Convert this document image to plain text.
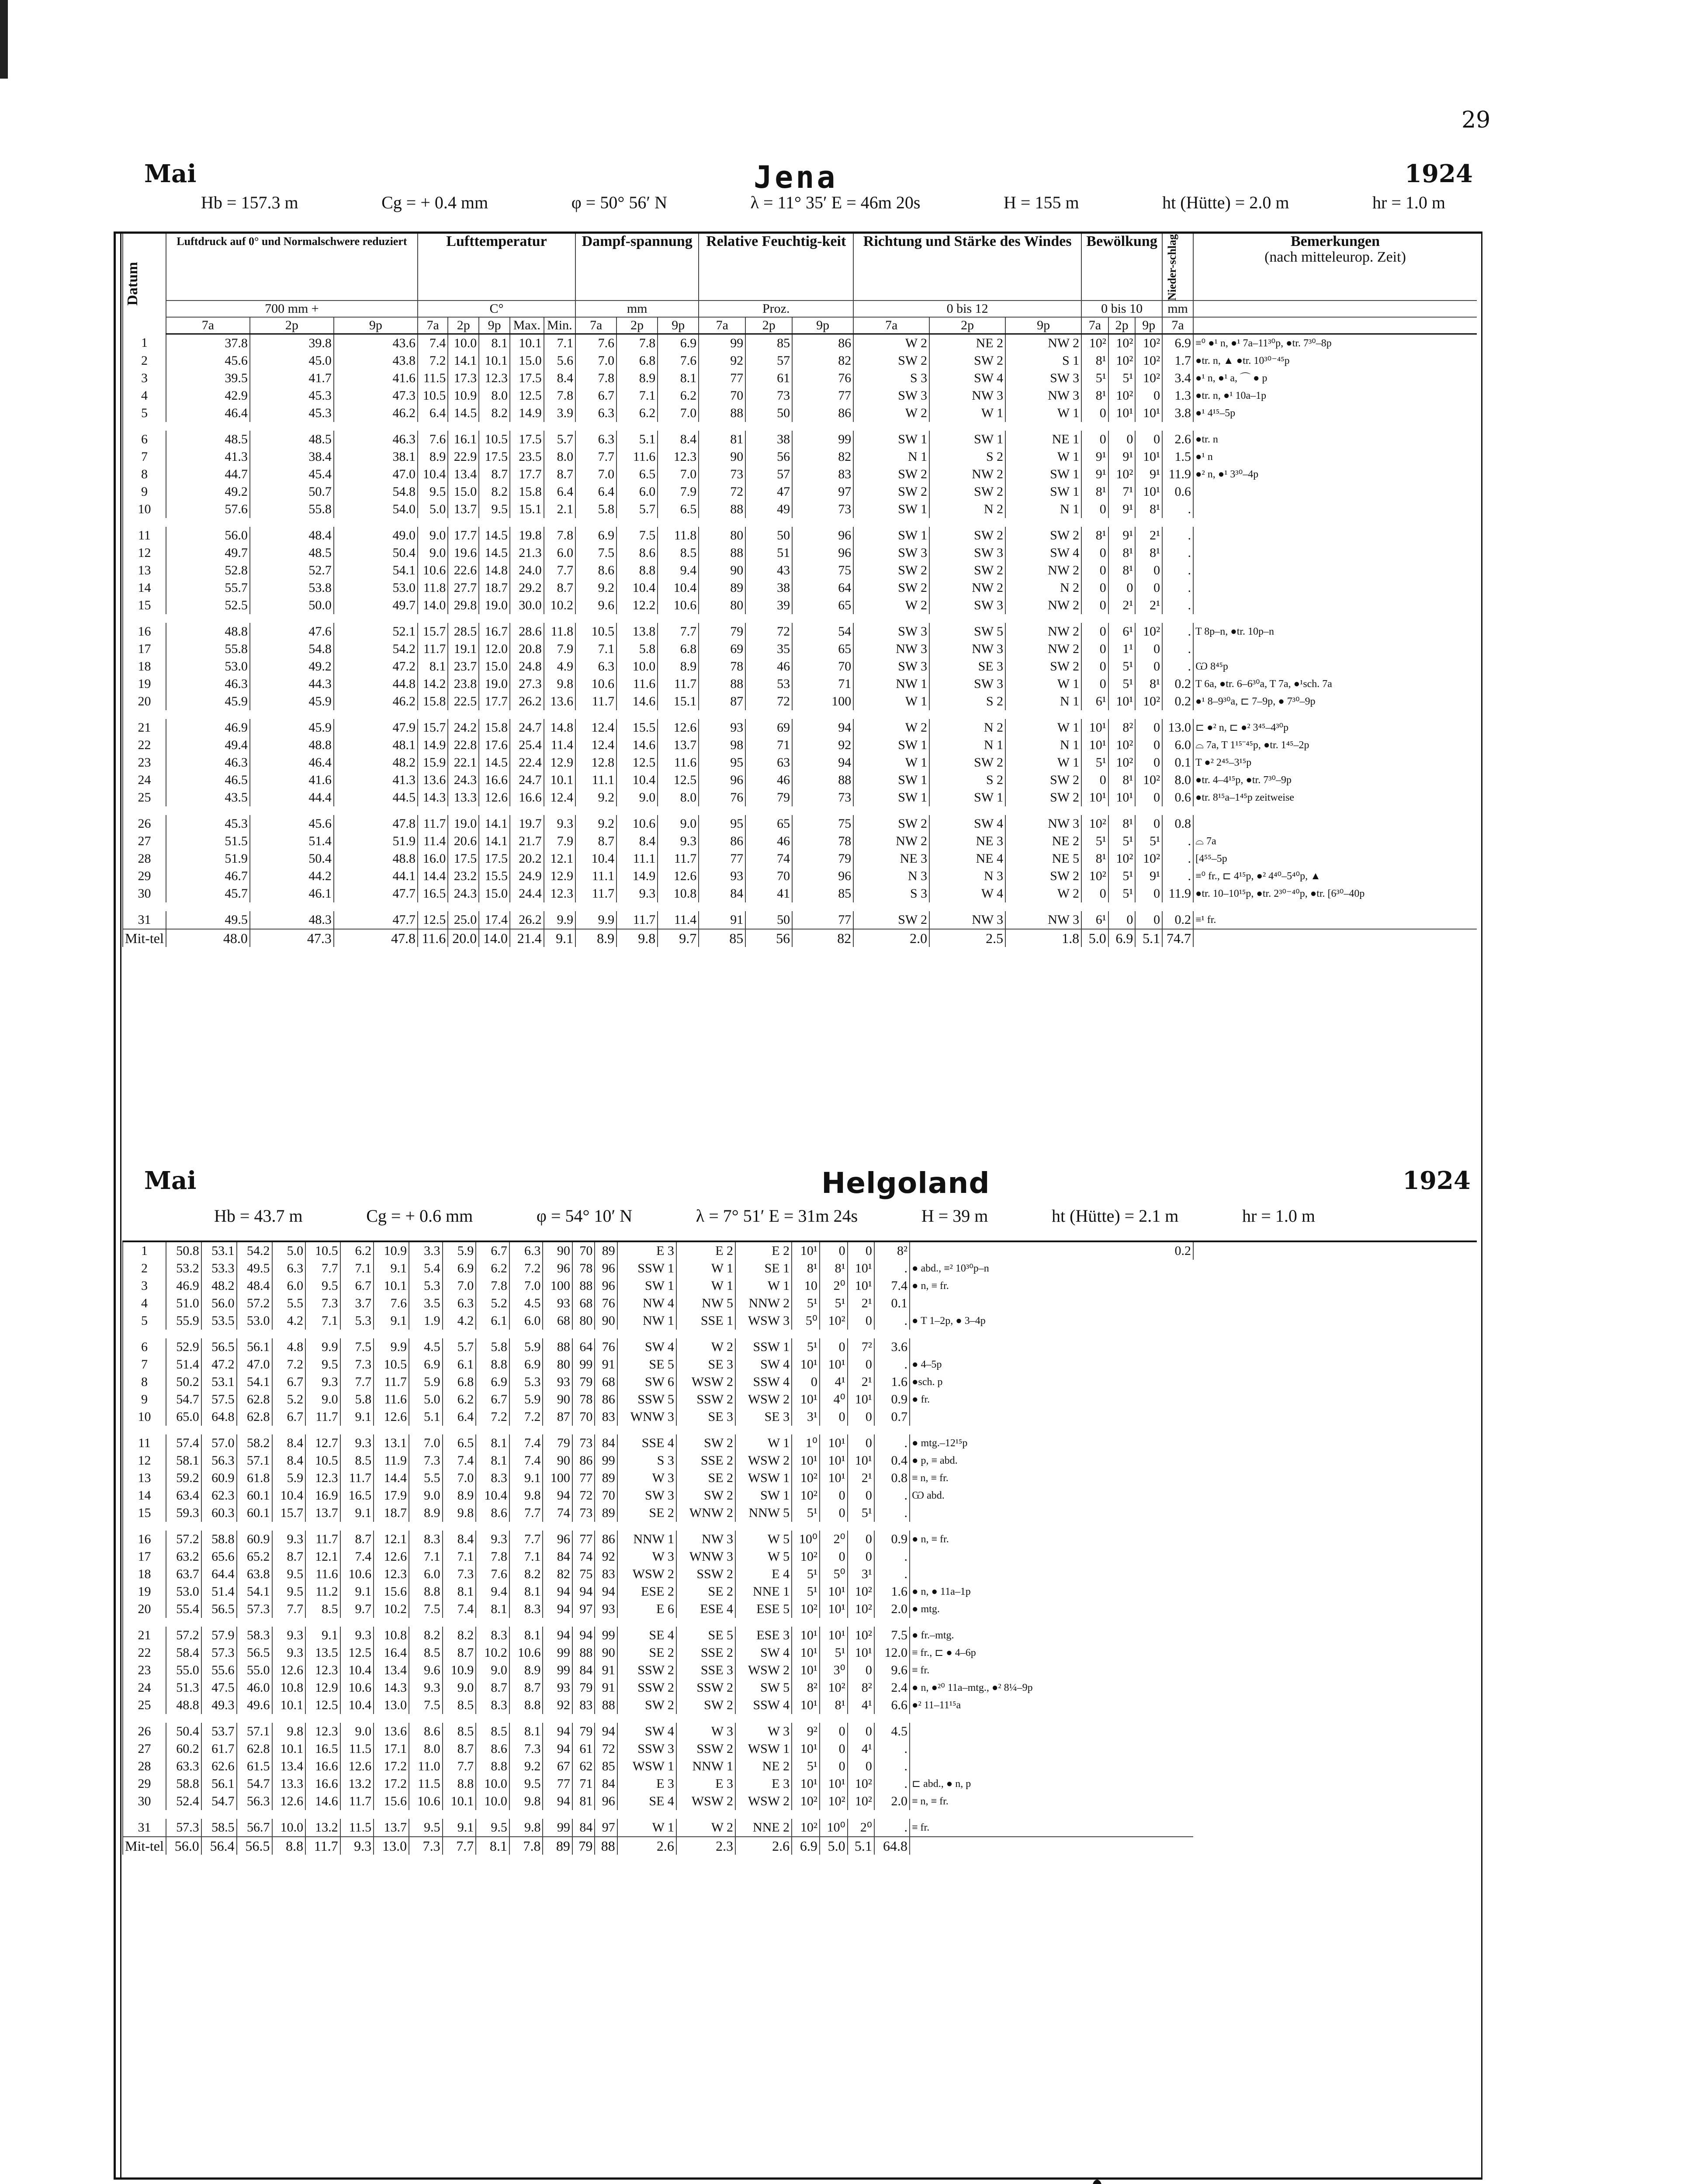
29
Mai	Jena	1924
Hb = 157.3 m	Cg = + 0.4 mm	φ = 50° 56′ N	λ = 11° 35′ E = 46m 20s	H = 155 m	ht (Hütte) = 2.0 m	hr = 1.0 m
Datum	Luftdruck auf 0° und Normalschwere reduziert			Lufttemperatur					Dampf-spannung			Relative Feuchtig-keit			Richtung und Stärke des Windes			Bewölkung			Nieder-schlag	Bemerkungen
(nach mitteleurop. Zeit)

	700 mm +			C°					mm			Proz.			0 bis 12			0 bis 10			mm	
	7a	2p	9p	7a	2p	9p	Max.	Min.	7a	2p	9p	7a	2p	9p	7a	2p	9p	7a	2p	9p	7a	
1	37.8	39.8	43.6	7.4	10.0	8.1	10.1	7.1	7.6	7.8	6.9	99	85	86	W 2	NE 2	NW 2	10²	10²	10²	6.9	≡⁰ ●¹ n, ●¹ 7a–11³⁰p, ●tr. 7³⁰–8p
2	45.6	45.0	43.8	7.2	14.1	10.1	15.0	5.6	7.0	6.8	7.6	92	57	82	SW 2	SW 2	S 1	8¹	10²	10²	1.7	●tr. n, ▲ ●tr. 10³⁰⁻⁴⁵p
3	39.5	41.7	41.6	11.5	17.3	12.3	17.5	8.4	7.8	8.9	8.1	77	61	76	S 3	SW 4	SW 3	5¹	5¹	10²	3.4	●¹ n, ●¹ a, ⌒ ● p
4	42.9	45.3	47.3	10.5	10.9	8.0	12.5	7.8	6.7	7.1	6.2	70	73	77	SW 3	NW 3	NW 3	8¹	10²	0	1.3	●tr. n, ●¹ 10a–1p
5	46.4	45.3	46.2	6.4	14.5	8.2	14.9	3.9	6.3	6.2	7.0	88	50	86	W 2	W 1	W 1	0	10¹	10¹	3.8	●¹ 4¹⁵–5p

6	48.5	48.5	46.3	7.6	16.1	10.5	17.5	5.7	6.3	5.1	8.4	81	38	99	SW 1	SW 1	NE 1	0	0	0	2.6	●tr. n
7	41.3	38.4	38.1	8.9	22.9	17.5	23.5	8.0	7.7	11.6	12.3	90	56	82	N 1	S 2	W 1	9¹	9¹	10¹	1.5	●¹ n
8	44.7	45.4	47.0	10.4	13.4	8.7	17.7	8.7	7.0	6.5	7.0	73	57	83	SW 2	NW 2	SW 1	9¹	10²	9¹	11.9	●² n, ●¹ 3³⁰–4p
9	49.2	50.7	54.8	9.5	15.0	8.2	15.8	6.4	6.4	6.0	7.9	72	47	97	SW 2	SW 2	SW 1	8¹	7¹	10¹	0.6	
10	57.6	55.8	54.0	5.0	13.7	9.5	15.1	2.1	5.8	5.7	6.5	88	49	73	SW 1	N 2	N 1	0	9¹	8¹	.	

11	56.0	48.4	49.0	9.0	17.7	14.5	19.8	7.8	6.9	7.5	11.8	80	50	96	SW 1	SW 2	SW 2	8¹	9¹	2¹	.	
12	49.7	48.5	50.4	9.0	19.6	14.5	21.3	6.0	7.5	8.6	8.5	88	51	96	SW 3	SW 3	SW 4	0	8¹	8¹	.	
13	52.8	52.7	54.1	10.6	22.6	14.8	24.0	7.7	8.6	8.8	9.4	90	43	75	SW 2	SW 2	NW 2	0	8¹	0	.	
14	55.7	53.8	53.0	11.8	27.7	18.7	29.2	8.7	9.2	10.4	10.4	89	38	64	SW 2	NW 2	N 2	0	0	0	.	
15	52.5	50.0	49.7	14.0	29.8	19.0	30.0	10.2	9.6	12.2	10.6	80	39	65	W 2	SW 3	NW 2	0	2¹	2¹	.	

16	48.8	47.6	52.1	15.7	28.5	16.7	28.6	11.8	10.5	13.8	7.7	79	72	54	SW 3	SW 5	NW 2	0	6¹	10²	.	T 8p–n, ●tr. 10p–n
17	55.8	54.8	54.2	11.7	19.1	12.0	20.8	7.9	7.1	5.8	6.8	69	35	65	NW 3	NW 3	NW 2	0	1¹	0	.	
18	53.0	49.2	47.2	8.1	23.7	15.0	24.8	4.9	6.3	10.0	8.9	78	46	70	SW 3	SE 3	SW 2	0	5¹	0	.	Ѡ 8⁴⁵p
19	46.3	44.3	44.8	14.2	23.8	19.0	27.3	9.8	10.6	11.6	11.7	88	53	71	NW 1	SW 3	W 1	0	5¹	8¹	0.2	T 6a, ●tr. 6–6³⁰a, T 7a, ●¹sch. 7a
20	45.9	45.9	46.2	15.8	22.5	17.7	26.2	13.6	11.7	14.6	15.1	87	72	100	W 1	S 2	N 1	6¹	10¹	10²	0.2	●¹ 8–9³⁰a, ⊏ 7–9p, ● 7³⁰–9p

21	46.9	45.9	47.9	15.7	24.2	15.8	24.7	14.8	12.4	15.5	12.6	93	69	94	W 2	N 2	W 1	10¹	8²	0	13.0	⊏ ●² n, ⊏ ●² 3⁴⁵–4³⁰p
22	49.4	48.8	48.1	14.9	22.8	17.6	25.4	11.4	12.4	14.6	13.7	98	71	92	SW 1	N 1	N 1	10¹	10²	0	6.0	⌓ 7a, T 1¹⁵⁻⁴⁵p, ●tr. 1⁴⁵–2p
23	46.3	46.4	48.2	15.9	22.1	14.5	22.4	12.9	12.8	12.5	11.6	95	63	94	W 1	SW 2	W 1	5¹	10²	0	0.1	T ●² 2⁴⁵–3¹⁵p
24	46.5	41.6	41.3	13.6	24.3	16.6	24.7	10.1	11.1	10.4	12.5	96	46	88	SW 1	S 2	SW 2	0	8¹	10²	8.0	●tr. 4–4¹⁵p, ●tr. 7³⁰–9p
25	43.5	44.4	44.5	14.3	13.3	12.6	16.6	12.4	9.2	9.0	8.0	76	79	73	SW 1	SW 1	SW 2	10¹	10¹	0	0.6	●tr. 8¹⁵a–1⁴⁵p zeitweise

26	45.3	45.6	47.8	11.7	19.0	14.1	19.7	9.3	9.2	10.6	9.0	95	65	75	SW 2	SW 4	NW 3	10²	8¹	0	0.8	
27	51.5	51.4	51.9	11.4	20.6	14.1	21.7	7.9	8.7	8.4	9.3	86	46	78	NW 2	NE 3	NE 2	5¹	5¹	5¹	.	⌓ 7a
28	51.9	50.4	48.8	16.0	17.5	17.5	20.2	12.1	10.4	11.1	11.7	77	74	79	NE 3	NE 4	NE 5	8¹	10²	10²	.	[4⁵⁵–5p
29	46.7	44.2	44.1	14.4	23.2	15.5	24.9	12.9	11.1	14.9	12.6	93	70	96	N 3	N 3	SW 2	10²	5¹	9¹	.	≡⁰ fr., ⊏ 4¹⁵p, ●² 4⁴⁰–5⁴⁰p, ▲
30	45.7	46.1	47.7	16.5	24.3	15.0	24.4	12.3	11.7	9.3	10.8	84	41	85	S 3	W 4	W 2	0	5¹	0	11.9	●tr. 10–10¹⁵p, ●tr. 2³⁰⁻⁴⁰p, ●tr. [6³⁰–40p

31	49.5	48.3	47.7	12.5	25.0	17.4	26.2	9.9	9.9	11.7	11.4	91	50	77	SW 2	NW 3	NW 3	6¹	0	0	0.2	≡¹ fr.
Mit-tel	48.0	47.3	47.8	11.6	20.0	14.0	21.4	9.1	8.9	9.8	9.7	85	56	82	2.0	2.5	1.8	5.0	6.9	5.1	74.7	
Mai	Helgoland	1924
Hb = 43.7 m	Cg = + 0.6 mm	φ = 54° 10′ N	λ = 7° 51′ E = 31m 24s	H = 39 m	ht (Hütte) = 2.1 m	hr = 1.0 m
1	50.8	53.1	54.2	5.0	10.5	6.2	10.9	3.3	5.9	6.7	6.3	90	70	89	E 3	E 2	E 2	10¹	0	0	8²	0.2	
2	53.2	53.3	49.5	6.3	7.7	7.1	9.1	5.4	6.9	6.2	7.2	96	78	96	SSW 1	W 1	SE 1	8¹	8¹	10¹	.	● abd., ≡² 10³⁰p–n	
3	46.9	48.2	48.4	6.0	9.5	6.7	10.1	5.3	7.0	7.8	7.0	100	88	96	SW 1	W 1	W 1	10	2⁰	10¹	7.4	● n, ≡ fr.	
4	51.0	56.0	57.2	5.5	7.3	3.7	7.6	3.5	6.3	5.2	4.5	93	68	76	NW 4	NW 5	NNW 2	5¹	5¹	2¹	0.1		
5	55.9	53.5	53.0	4.2	7.1	5.3	9.1	1.9	4.2	6.1	6.0	68	80	90	NW 1	SSE 1	WSW 3	5⁰	10²	0	.	● T 1–2p, ● 3–4p	

6	52.9	56.5	56.1	4.8	9.9	7.5	9.9	4.5	5.7	5.8	5.9	88	64	76	SW 4	W 2	SSW 1	5¹	0	7²	3.6		
7	51.4	47.2	47.0	7.2	9.5	7.3	10.5	6.9	6.1	8.8	6.9	80	99	91	SE 5	SE 3	SW 4	10¹	10¹	0	.	● 4–5p	
8	50.2	53.1	54.1	6.7	9.3	7.7	11.7	5.9	6.8	6.9	5.3	93	79	68	SW 6	WSW 2	SSW 4	0	4¹	2¹	1.6	●sch. p	
9	54.7	57.5	62.8	5.2	9.0	5.8	11.6	5.0	6.2	6.7	5.9	90	78	86	SSW 5	SSW 2	WSW 2	10¹	4⁰	10¹	0.9	● fr.	
10	65.0	64.8	62.8	6.7	11.7	9.1	12.6	5.1	6.4	7.2	7.2	87	70	83	WNW 3	SE 3	SE 3	3¹	0	0	0.7		

11	57.4	57.0	58.2	8.4	12.7	9.3	13.1	7.0	6.5	8.1	7.4	79	73	84	SSE 4	SW 2	W 1	1⁰	10¹	0	.	● mtg.–12¹⁵p	
12	58.1	56.3	57.1	8.4	10.5	8.5	11.9	7.3	7.4	8.1	7.4	90	86	99	S 3	SSE 2	WSW 2	10¹	10¹	10¹	0.4	● p, ≡ abd.	
13	59.2	60.9	61.8	5.9	12.3	11.7	14.4	5.5	7.0	8.3	9.1	100	77	89	W 3	SE 2	WSW 1	10²	10¹	2¹	0.8	≡ n, ≡ fr.	
14	63.4	62.3	60.1	10.4	16.9	16.5	17.9	9.0	8.9	10.4	9.8	94	72	70	SW 3	SW 2	SW 1	10²	0	0	.	Ѡ abd.	
15	59.3	60.3	60.1	15.7	13.7	9.1	18.7	8.9	9.8	8.6	7.7	74	73	89	SE 2	WNW 2	NNW 5	5¹	0	5¹	.		

16	57.2	58.8	60.9	9.3	11.7	8.7	12.1	8.3	8.4	9.3	7.7	96	77	86	NNW 1	NW 3	W 5	10⁰	2⁰	0	0.9	● n, ≡ fr.	
17	63.2	65.6	65.2	8.7	12.1	7.4	12.6	7.1	7.1	7.8	7.1	84	74	92	W 3	WNW 3	W 5	10²	0	0	.		
18	63.7	64.4	63.8	9.5	11.6	10.6	12.3	6.0	7.3	7.6	8.2	82	75	83	WSW 2	SSW 2	E 4	5¹	5⁰	3¹	.		
19	53.0	51.4	54.1	9.5	11.2	9.1	15.6	8.8	8.1	9.4	8.1	94	94	94	ESE 2	SE 2	NNE 1	5¹	10¹	10²	1.6	● n, ● 11a–1p	
20	55.4	56.5	57.3	7.7	8.5	9.7	10.2	7.5	7.4	8.1	8.3	94	97	93	E 6	ESE 4	ESE 5	10²	10¹	10²	2.0	● mtg.	

21	57.2	57.9	58.3	9.3	9.1	9.3	10.8	8.2	8.2	8.3	8.1	94	94	99	SE 4	SE 5	ESE 3	10¹	10¹	10²	7.5	● fr.–mtg.	
22	58.4	57.3	56.5	9.3	13.5	12.5	16.4	8.5	8.7	10.2	10.6	99	88	90	SE 2	SSE 2	SW 4	10¹	5¹	10¹	12.0	≡ fr., ⊏ ● 4–6p	
23	55.0	55.6	55.0	12.6	12.3	10.4	13.4	9.6	10.9	9.0	8.9	99	84	91	SSW 2	SSE 3	WSW 2	10¹	3⁰	0	9.6	≡ fr.	
24	51.3	47.5	46.0	10.8	12.9	10.6	14.3	9.3	9.0	8.7	8.7	93	79	91	SSW 2	SSW 2	SW 5	8²	10²	8²	2.4	● n, ●²⁰ 11a–mtg., ●² 8¼–9p	
25	48.8	49.3	49.6	10.1	12.5	10.4	13.0	7.5	8.5	8.3	8.8	92	83	88	SW 2	SW 2	SSW 4	10¹	8¹	4¹	6.6	●² 11–11¹⁵a	

26	50.4	53.7	57.1	9.8	12.3	9.0	13.6	8.6	8.5	8.5	8.1	94	79	94	SW 4	W 3	W 3	9²	0	0	4.5		
27	60.2	61.7	62.8	10.1	16.5	11.5	17.1	8.0	8.7	8.6	7.3	94	61	72	SSW 3	SSW 2	WSW 1	10¹	0	4¹	.		
28	63.3	62.6	61.5	13.4	16.6	12.6	17.2	11.0	7.7	8.8	9.2	67	62	85	WSW 1	NNW 1	NE 2	5¹	0	0	.		
29	58.8	56.1	54.7	13.3	16.6	13.2	17.2	11.5	8.8	10.0	9.5	77	71	84	E 3	E 3	E 3	10¹	10¹	10²	.	⊏ abd., ● n, p	
30	52.4	54.7	56.3	12.6	14.6	11.7	15.6	10.6	10.1	10.0	9.8	94	81	96	SE 4	WSW 2	WSW 2	10²	10²	10²	2.0	≡ n, ≡ fr.	

31	57.3	58.5	56.7	10.0	13.2	11.5	13.7	9.5	9.1	9.5	9.8	99	84	97	W 1	W 2	NNE 2	10²	10⁰	2⁰	.	≡ fr.	
Mit-tel	56.0	56.4	56.5	8.8	11.7	9.3	13.0	7.3	7.7	8.1	7.8	89	79	88	2.6	2.3	2.6	6.9	5.0	5.1	64.8		
